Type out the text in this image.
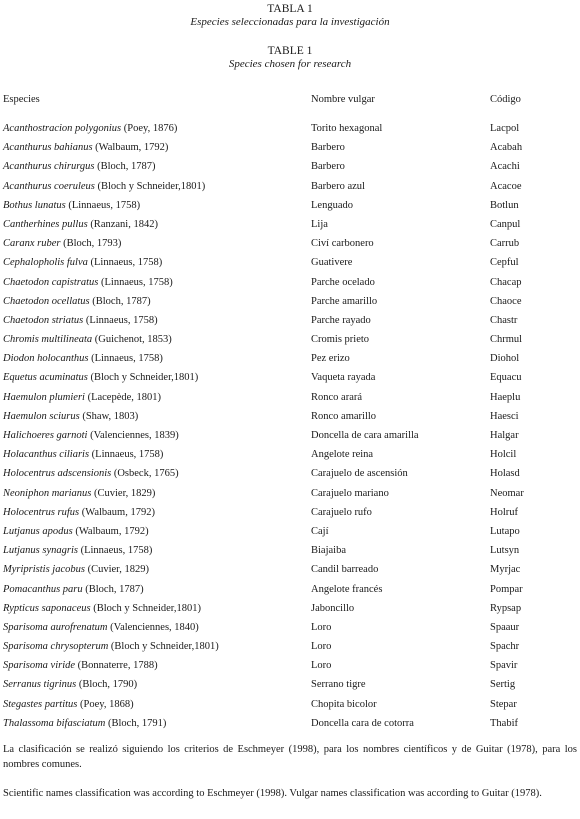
TABLA 1
Especies seleccionadas para la investigación
TABLE 1
Species chosen for research
Especies	Nombre vulgar	Código
Acanthostracion polygonius (Poey, 1876)	Torito hexagonal	Lacpol
Acanthurus bahianus (Walbaum, 1792)	Barbero	Acabah
Acanthurus chirurgus (Bloch, 1787)	Barbero	Acachi
Acanthurus coeruleus (Bloch y Schneider,1801)	Barbero azul	Acacoe
Bothus lunatus (Linnaeus, 1758)	Lenguado	Botlun
Cantherhines pullus (Ranzani, 1842)	Lija	Canpul
Caranx ruber (Bloch, 1793)	Civí carbonero	Carrub
Cephalopholis fulva (Linnaeus, 1758)	Guativere	Cepful
Chaetodon capistratus (Linnaeus, 1758)	Parche ocelado	Chacap
Chaetodon ocellatus (Bloch, 1787)	Parche amarillo	Chaoce
Chaetodon striatus (Linnaeus, 1758)	Parche rayado	Chastr
Chromis multilineata (Guichenot, 1853)	Cromis prieto	Chrmul
Diodon holocanthus (Linnaeus, 1758)	Pez erizo	Diohol
Equetus acuminatus (Bloch y Schneider,1801)	Vaqueta rayada	Equacu
Haemulon plumieri (Lacepède, 1801)	Ronco arará	Haeplu
Haemulon sciurus (Shaw, 1803)	Ronco amarillo	Haesci
Halichoeres garnoti (Valenciennes, 1839)	Doncella de cara amarilla	Halgar
Holacanthus ciliaris (Linnaeus, 1758)	Angelote reina	Holcil
Holocentrus adscensionis (Osbeck, 1765)	Carajuelo de ascensión	Holasd
Neoniphon marianus (Cuvier, 1829)	Carajuelo mariano	Neomar
Holocentrus rufus (Walbaum, 1792)	Carajuelo rufo	Holruf
Lutjanus apodus (Walbaum, 1792)	Cají	Lutapo
Lutjanus synagris (Linnaeus, 1758)	Biajaiba	Lutsyn
Myripristis jacobus (Cuvier, 1829)	Candil barreado	Myrjac
Pomacanthus paru (Bloch, 1787)	Angelote francés	Pompar
Rypticus saponaceus (Bloch y Schneider,1801)	Jaboncillo	Rypsap
Sparisoma aurofrenatum (Valenciennes, 1840)	Loro	Spaaur
Sparisoma chrysopterum (Bloch y Schneider,1801)	Loro	Spachr
Sparisoma viride (Bonnaterre, 1788)	Loro	Spavir
Serranus tigrinus (Bloch, 1790)	Serrano tigre	Sertig
Stegastes partitus (Poey, 1868)	Chopita bicolor	Stepar
Thalassoma bifasciatum (Bloch, 1791)	Doncella cara de cotorra	Thabif
La clasificación se realizó siguiendo los criterios de Eschmeyer (1998), para los nombres científicos y de Guitar (1978), para los nombres comunes.
Scientific names classification was according to Eschmeyer (1998). Vulgar names classification was according to Guitar (1978).
